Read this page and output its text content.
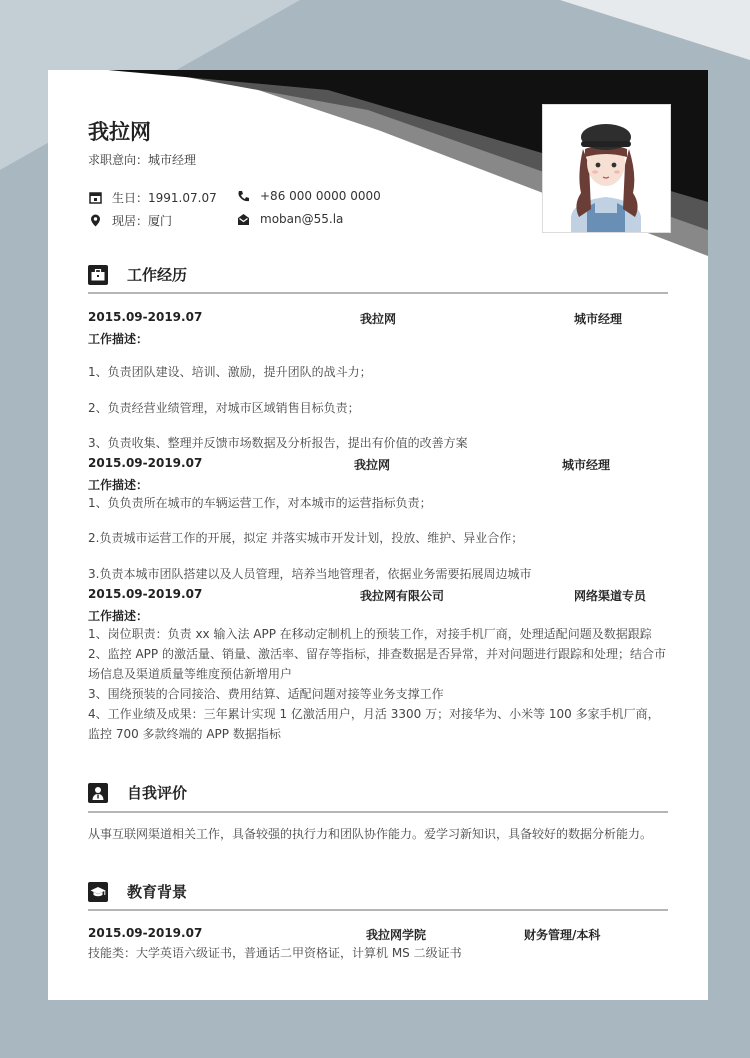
我拉网
求职意向：城市经理
生日：1991.07.07	+86 000 0000 0000
现居：厦门	moban@55.la
工作经历
2015.09-2019.07	我拉网	城市经理
工作描述：
1、负责团队建设、培训、激励，提升团队的战斗力；
2、负责经营业绩管理，对城市区域销售目标负责；
3、负责收集、整理并反馈市场数据及分析报告，提出有价值的改善方案
2015.09-2019.07	我拉网	城市经理
工作描述：
1、负负责所在城市的车辆运营工作，对本城市的运营指标负责；
2.负责城市运营工作的开展，拟定 并落实城市开发计划，投放、维护、异业合作；
3.负责本城市团队搭建以及人员管理，培养当地管理者，依据业务需要拓展周边城市
2015.09-2019.07	我拉网有限公司	网络渠道专员
工作描述：
1、岗位职责：负责 xx 输入法 APP 在移动定制机上的预装工作，对接手机厂商，处理适配问题及数据跟踪
2、监控 APP 的激活量、销量、激活率、留存等指标，排查数据是否异常，并对问题进行跟踪和处理；结合市场信息及渠道质量等维度预估新增用户
3、围绕预装的合同接洽、费用结算、适配问题对接等业务支撑工作
4、工作业绩及成果：三年累计实现 1 亿激活用户，月活 3300 万；对接华为、小米等 100 多家手机厂商，监控 700 多款终端的 APP 数据指标
自我评价
从事互联网渠道相关工作，具备较强的执行力和团队协作能力。爱学习新知识，具备较好的数据分析能力。
教育背景
2015.09-2019.07	我拉网学院	财务管理/本科
技能类：大学英语六级证书，普通话二甲资格证，计算机 MS 二级证书
